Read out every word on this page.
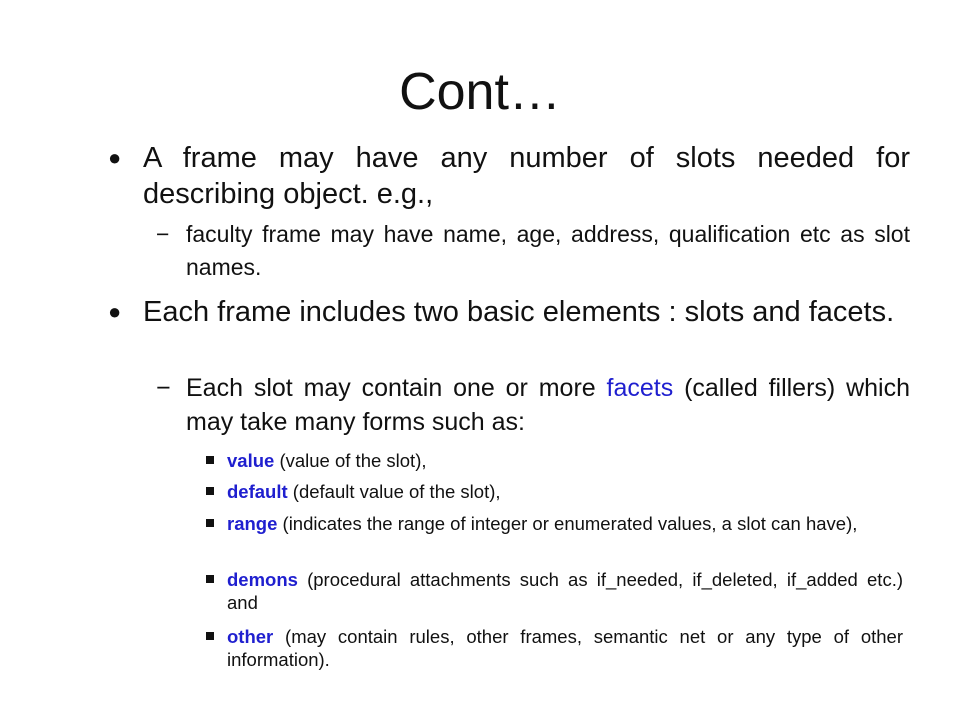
Cont…
● A frame may have any number of slots needed for describing object. e.g.,
− faculty frame may have name, age, address, qualification etc as slot names.
● Each frame includes two basic elements : slots and facets.
− Each slot may contain one or more facets (called fillers) which may take many forms such as:
value (value of the slot),
default (default value of the slot),
range (indicates the range of integer or enumerated values, a slot can have),
demons (procedural attachments such as if_needed, if_deleted, if_added etc.) and
other (may contain rules, other frames, semantic net or any type of other information).
